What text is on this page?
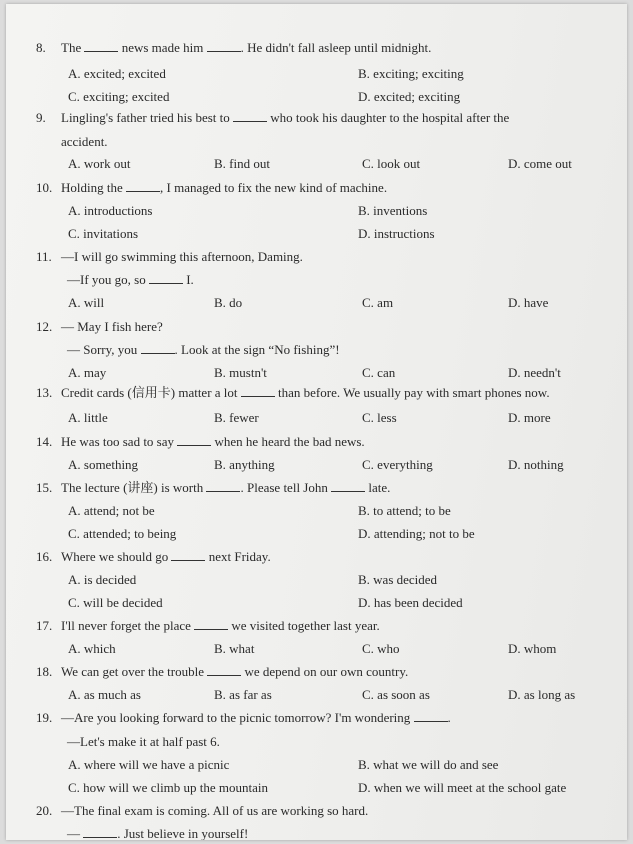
8. The	news made him	. He didn't fall asleep until midnight.
A. excited; excited	B. exciting; exciting
C. exciting; excited	D. excited; exciting
9. Lingling's father tried his best to	who took his daughter to the hospital after the
accident.
A. work out	B. find out	C. look out	D. come out
10. Holding the	, I managed to fix the new kind of machine.
A. introductions	B. inventions
C. invitations	D. instructions
11. —I will go swimming this afternoon, Daming.
—If you go, so	I.
A. will	B. do	C. am	D. have
12. — May I fish here?
— Sorry, you	. Look at the sign “No fishing”!
A. may	B. mustn't	C. can	D. needn't
13. Credit cards (信用卡) matter a lot	than before. We usually pay with smart phones now.
A. little	B. fewer	C. less	D. more
14. He was too sad to say	when he heard the bad news.
A. something	B. anything	C. everything	D. nothing
15. The lecture (讲座) is worth	. Please tell John	late.
A. attend; not be	B. to attend; to be
C. attended; to being	D. attending; not to be
16. Where we should go	next Friday.
A. is decided	B. was decided
C. will be decided	D. has been decided
17. I'll never forget the place	we visited together last year.
A. which	B. what	C. who	D. whom
18. We can get over the trouble	we depend on our own country.
A. as much as	B. as far as	C. as soon as	D. as long as
19. —Are you looking forward to the picnic tomorrow? I'm wondering	.
—Let's make it at half past 6.
A. where will we have a picnic	B. what we will do and see
C. how will we climb up the mountain	D. when we will meet at the school gate
20. —The final exam is coming. All of us are working so hard.
—	. Just believe in yourself!
